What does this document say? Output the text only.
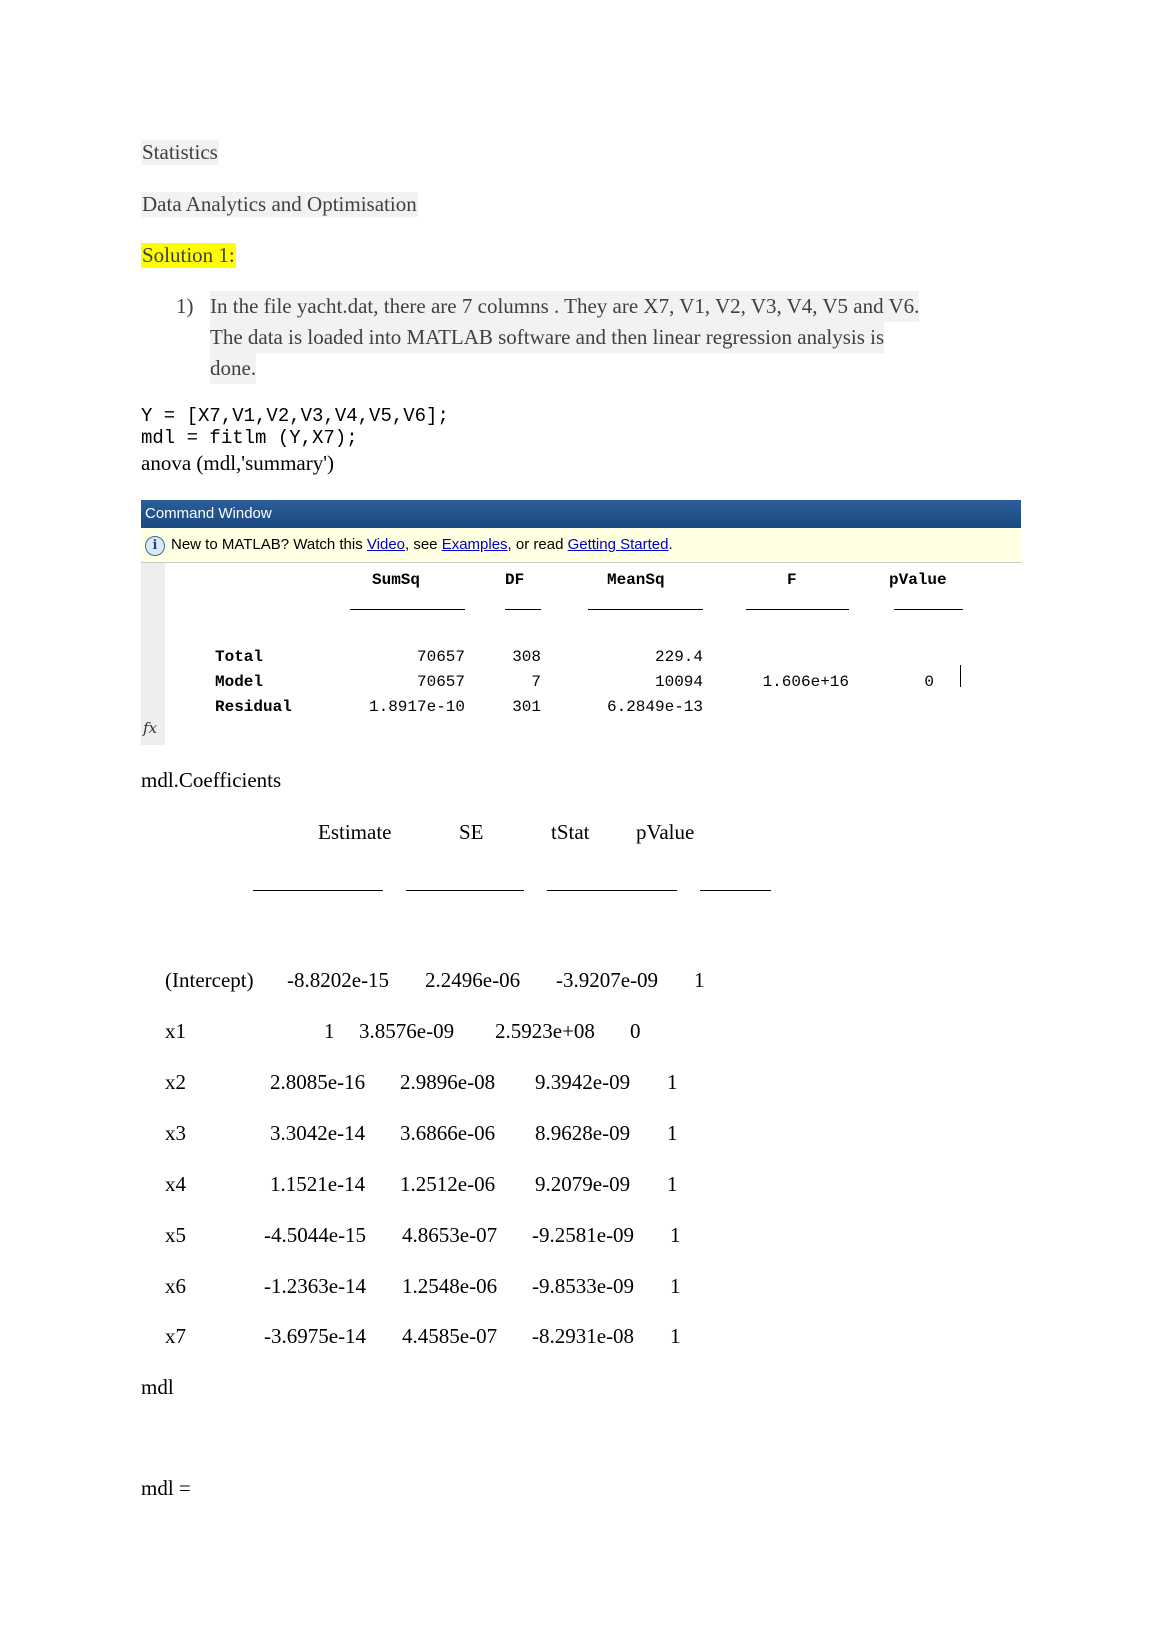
Statistics
Data Analytics and Optimisation
Solution 1:
1) In the file yacht.dat, there are 7 columns . They are X7, V1, V2, V3, V4, V5 and V6.
The data is loaded into MATLAB software and then linear regression analysis is
done.
Y = [X7,V1,V2,V3,V4,V5,V6];
mdl = fitlm (Y,X7);
anova (mdl,'summary')
Command Window
i New to MATLAB? Watch this Video, see Examples, or read Getting Started.
fx
SumSq	DF	MeanSq	F	pValue
Total	70657	308	229.4
Model	70657	7	10094	1.606e+16	0
Residual	1.8917e-10	301	6.2849e-13
mdl.Coefficients
Estimate	SE	tStat pValue
(Intercept) -8.8202e-15 2.2496e-06 -3.9207e-09 1
x1	1 3.8576e-09 2.5923e+08 0
x2	2.8085e-16 2.9896e-08 9.3942e-09 1
x3	3.3042e-14 3.6866e-06 8.9628e-09 1
x4	1.1521e-14 1.2512e-06 9.2079e-09 1
x5	-4.5044e-15 4.8653e-07 -9.2581e-09 1
x6	-1.2363e-14 1.2548e-06 -9.8533e-09 1
x7	-3.6975e-14 4.4585e-07 -8.2931e-08 1
mdl
mdl =
